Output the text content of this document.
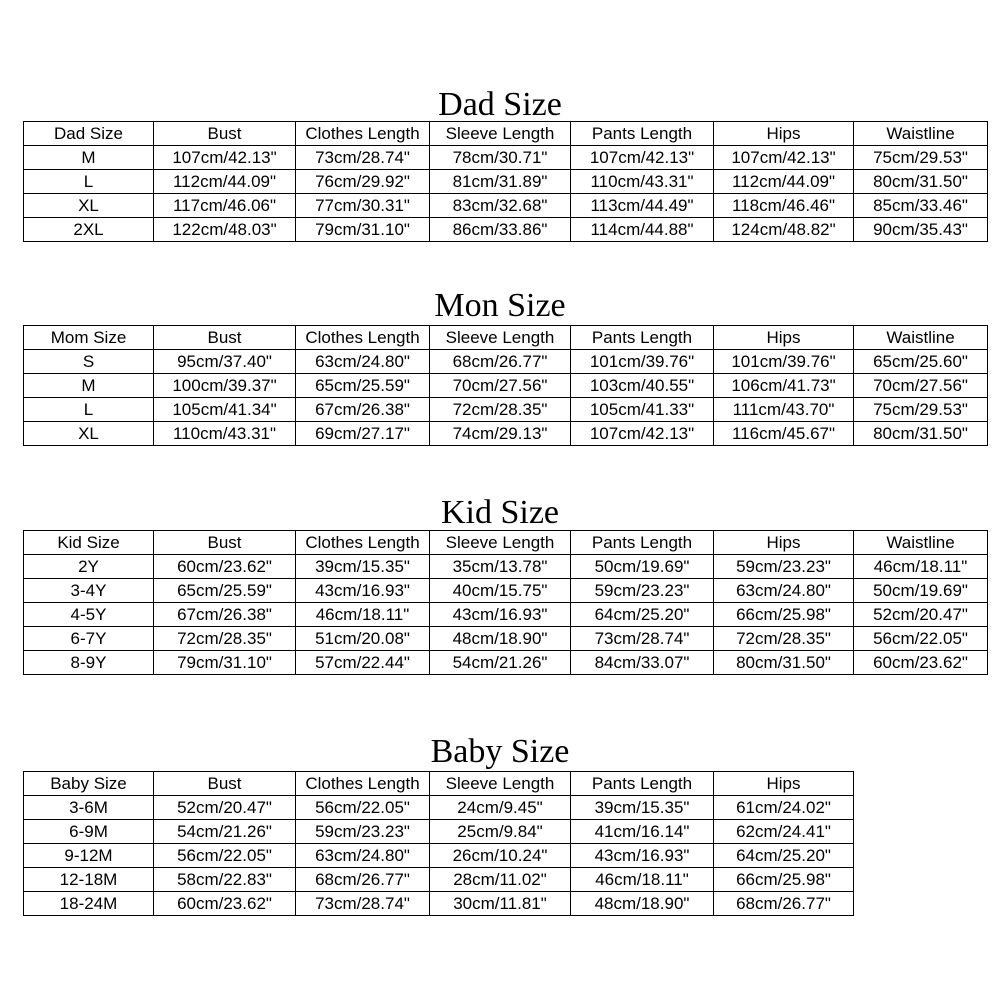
Dad Size
Dad Size	Bust	Clothes Length	Sleeve Length	Pants Length	Hips	Waistline
M	107cm/42.13"	73cm/28.74"	78cm/30.71"	107cm/42.13"	107cm/42.13"	75cm/29.53"
L	112cm/44.09"	76cm/29.92"	81cm/31.89"	110cm/43.31"	112cm/44.09"	80cm/31.50"
XL	117cm/46.06"	77cm/30.31"	83cm/32.68"	113cm/44.49"	118cm/46.46"	85cm/33.46"
2XL	122cm/48.03"	79cm/31.10"	86cm/33.86"	114cm/44.88"	124cm/48.82"	90cm/35.43"
Mon Size
Mom Size	Bust	Clothes Length	Sleeve Length	Pants Length	Hips	Waistline
S	95cm/37.40"	63cm/24.80"	68cm/26.77"	101cm/39.76"	101cm/39.76"	65cm/25.60"
M	100cm/39.37"	65cm/25.59"	70cm/27.56"	103cm/40.55"	106cm/41.73"	70cm/27.56"
L	105cm/41.34"	67cm/26.38"	72cm/28.35"	105cm/41.33"	111cm/43.70"	75cm/29.53"
XL	110cm/43.31"	69cm/27.17"	74cm/29.13"	107cm/42.13"	116cm/45.67"	80cm/31.50"
Kid Size
Kid Size	Bust	Clothes Length	Sleeve Length	Pants Length	Hips	Waistline
2Y	60cm/23.62"	39cm/15.35"	35cm/13.78"	50cm/19.69"	59cm/23.23"	46cm/18.11"
3-4Y	65cm/25.59"	43cm/16.93"	40cm/15.75"	59cm/23.23"	63cm/24.80"	50cm/19.69"
4-5Y	67cm/26.38"	46cm/18.11"	43cm/16.93"	64cm/25.20"	66cm/25.98"	52cm/20.47"
6-7Y	72cm/28.35"	51cm/20.08"	48cm/18.90"	73cm/28.74"	72cm/28.35"	56cm/22.05"
8-9Y	79cm/31.10"	57cm/22.44"	54cm/21.26"	84cm/33.07"	80cm/31.50"	60cm/23.62"
Baby Size
Baby Size	Bust	Clothes Length	Sleeve Length	Pants Length	Hips
3-6M	52cm/20.47"	56cm/22.05"	24cm/9.45"	39cm/15.35"	61cm/24.02"
6-9M	54cm/21.26"	59cm/23.23"	25cm/9.84"	41cm/16.14"	62cm/24.41"
9-12M	56cm/22.05"	63cm/24.80"	26cm/10.24"	43cm/16.93"	64cm/25.20"
12-18M	58cm/22.83"	68cm/26.77"	28cm/11.02"	46cm/18.11"	66cm/25.98"
18-24M	60cm/23.62"	73cm/28.74"	30cm/11.81"	48cm/18.90"	68cm/26.77"
